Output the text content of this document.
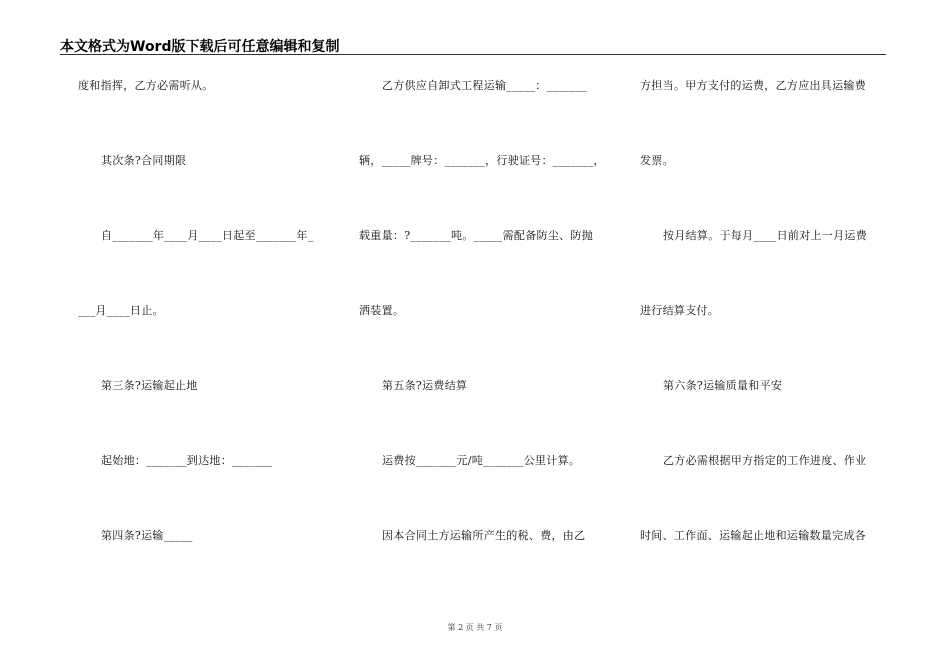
本文格式为Word版下载后可任意编辑和复制
度和指挥，乙方必需听从。
其次条?合同期限
自_______年____月____日起至_______年_
___月____日止。
第三条?运输起止地
起始地：_______到达地：_______
第四条?运输_____
乙方供应自卸式工程运输_____：_______
辆，_____牌号：_______，行驶证号：_______，
载重量：?_______吨。_____需配备防尘、防抛
洒装置。
第五条?运费结算
运费按_______元/吨_______公里计算。
因本合同土方运输所产生的税、费，由乙
方担当。甲方支付的运费，乙方应出具运输费
发票。
按月结算。于每月____日前对上一月运费
进行结算支付。
第六条?运输质量和平安
乙方必需根据甲方指定的工作进度、作业
时间、工作面、运输起止地和运输数量完成各
第 2 页 共 7 页
